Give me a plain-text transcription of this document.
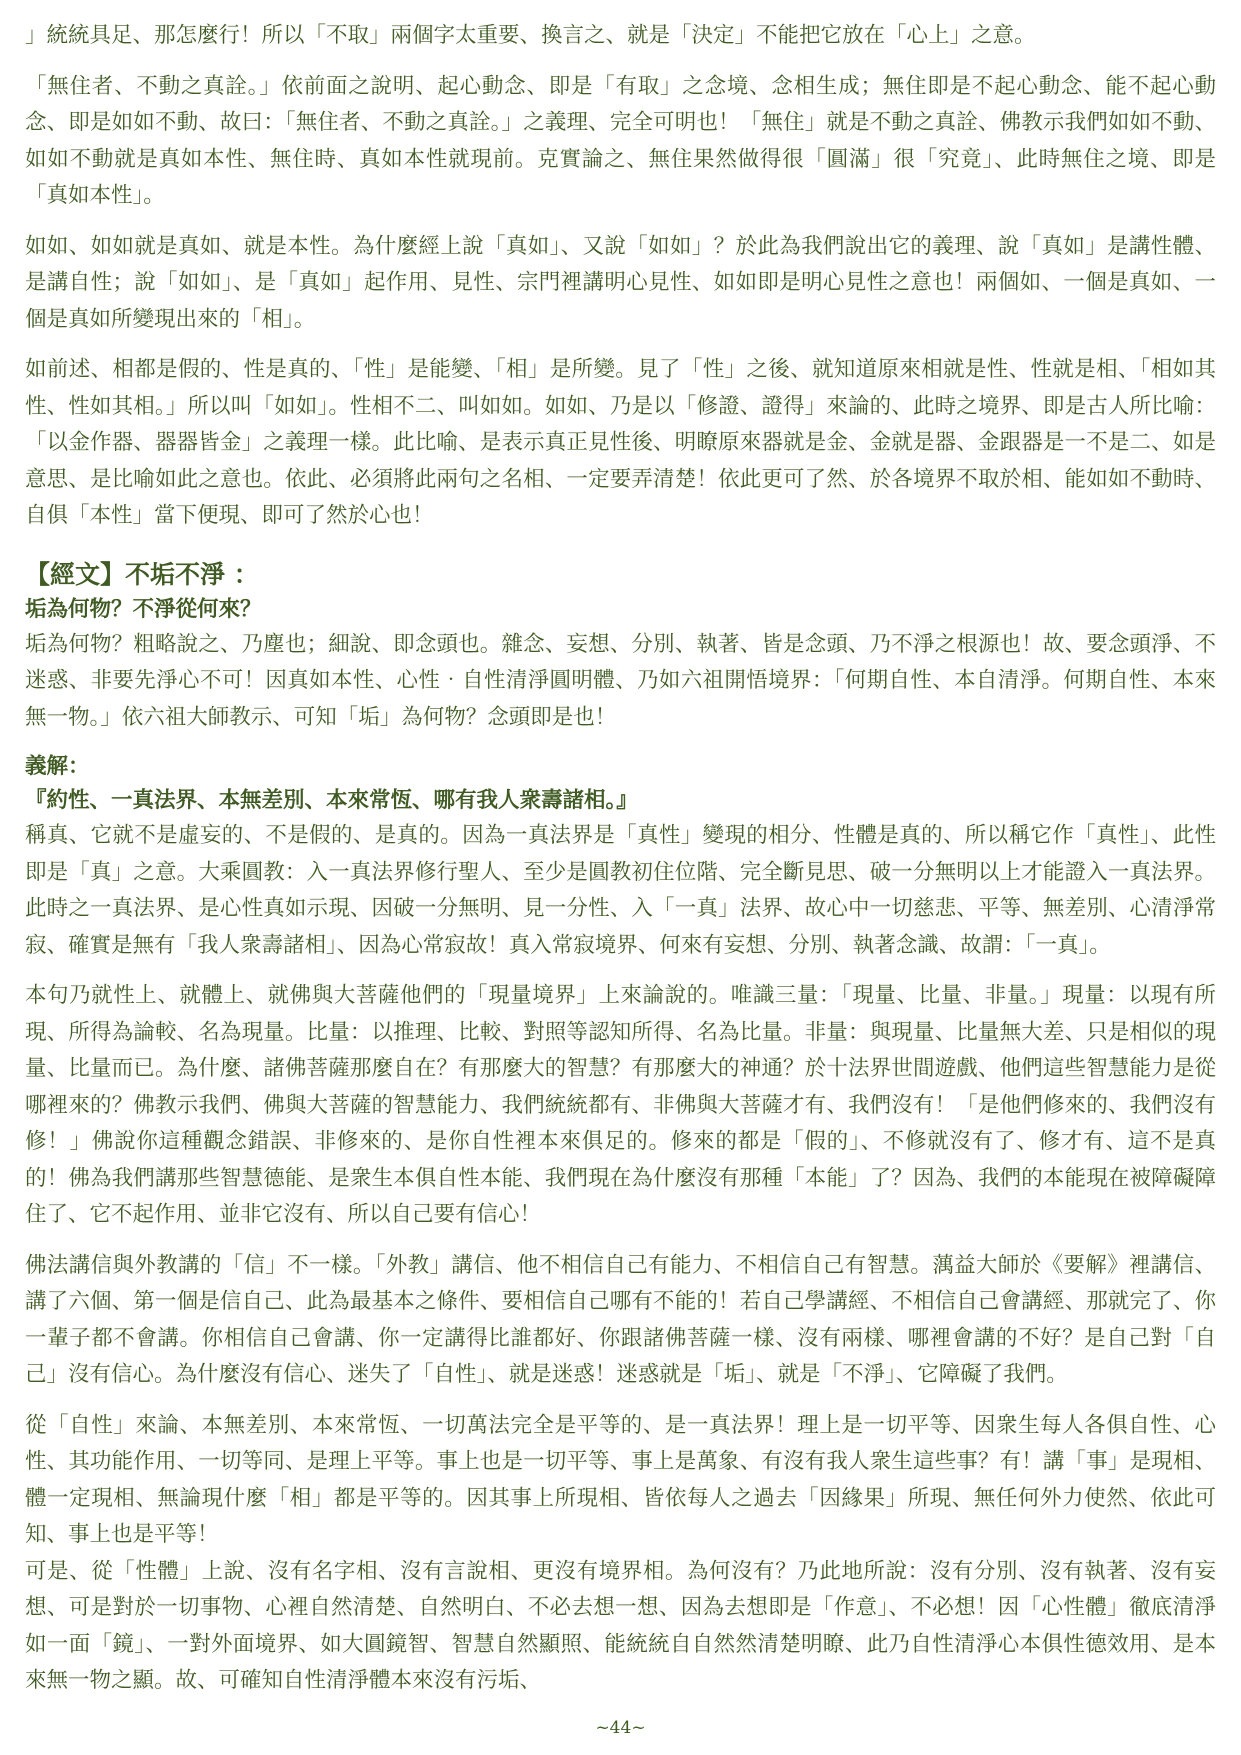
」統統具足、那怎麼行！所以「不取」兩個字太重要、換言之、就是「決定」不能把它放在「心上」之意。

「無住者、不動之真詮。」依前面之說明、起心動念、即是「有取」之念境、念相生成；無住即是不起心動念、能不起心動念、即是如如不動、故曰：「無住者、不動之真詮。」之義理、完全可明也！「無住」就是不動之真詮、佛教示我們如如不動、如如不動就是真如本性、無住時、真如本性就現前。克實論之、無住果然做得很「圓滿」很「究竟」、此時無住之境、即是「真如本性」。

如如、如如就是真如、就是本性。為什麼經上說「真如」、又說「如如」？於此為我們說出它的義理、說「真如」是講性體、是講自性；說「如如」、是「真如」起作用、見性、宗門裡講明心見性、如如即是明心見性之意也！兩個如、一個是真如、一個是真如所變現出來的「相」。

如前述、相都是假的、性是真的、「性」是能變、「相」是所變。見了「性」之後、就知道原來相就是性、性就是相、「相如其性、性如其相。」所以叫「如如」。性相不二、叫如如。如如、乃是以「修證、證得」來論的、此時之境界、即是古人所比喻：「以金作器、器器皆金」之義理一樣。此比喻、是表示真正見性後、明瞭原來器就是金、金就是器、金跟器是一不是二、如是意思、是比喻如此之意也。依此、必須將此兩句之名相、一定要弄清楚！依此更可了然、於各境界不取於相、能如如不動時、自俱「本性」當下便現、即可了然於心也！

【經文】不垢不淨 ：
垢為何物？不淨從何來？

垢為何物？粗略說之、乃塵也；細說、即念頭也。雜念、妄想、分別、執著、皆是念頭、乃不淨之根源也！故、要念頭淨、不迷惑、非要先淨心不可！因真如本性、心性‧自性清淨圓明體、乃如六祖開悟境界：「何期自性、本自清淨。何期自性、本來無一物。」依六祖大師教示、可知「垢」為何物？念頭即是也！

義解：
『約性、一真法界、本無差別、本來常恆、哪有我人衆壽諸相。』

稱真、它就不是虛妄的、不是假的、是真的。因為一真法界是「真性」變現的相分、性體是真的、所以稱它作「真性」、此性即是「真」之意。大乘圓教：入一真法界修行聖人、至少是圓教初住位階、完全斷見思、破一分無明以上才能證入一真法界。此時之一真法界、是心性真如示現、因破一分無明、見一分性、入「一真」法界、故心中一切慈悲、平等、無差別、心清淨常寂、確實是無有「我人衆壽諸相」、因為心常寂故！真入常寂境界、何來有妄想、分別、執著念識、故謂：「一真」。

本句乃就性上、就體上、就佛與大菩薩他們的「現量境界」上來論說的。唯識三量：「現量、比量、非量。」現量：以現有所現、所得為論較、名為現量。比量：以推理、比較、對照等認知所得、名為比量。非量：與現量、比量無大差、只是相似的現量、比量而已。為什麼、諸佛菩薩那麼自在？有那麼大的智慧？有那麼大的神通？於十法界世間遊戲、他們這些智慧能力是從哪裡來的？佛教示我們、佛與大菩薩的智慧能力、我們統統都有、非佛與大菩薩才有、我們沒有！「是他們修來的、我們沒有修！」佛說你這種觀念錯誤、非修來的、是你自性裡本來俱足的。修來的都是「假的」、不修就沒有了、修才有、這不是真的！佛為我們講那些智慧德能、是衆生本俱自性本能、我們現在為什麼沒有那種「本能」了？因為、我們的本能現在被障礙障住了、它不起作用、並非它沒有、所以自己要有信心！

佛法講信與外教講的「信」不一樣。「外教」講信、他不相信自己有能力、不相信自己有智慧。蕅益大師於《要解》裡講信、講了六個、第一個是信自己、此為最基本之條件、要相信自己哪有不能的！若自己學講經、不相信自己會講經、那就完了、你一輩子都不會講。你相信自己會講、你一定講得比誰都好、你跟諸佛菩薩一樣、沒有兩樣、哪裡會講的不好？是自己對「自己」沒有信心。為什麼沒有信心、迷失了「自性」、就是迷惑！迷惑就是「垢」、就是「不淨」、它障礙了我們。

從「自性」來論、本無差別、本來常恆、一切萬法完全是平等的、是一真法界！理上是一切平等、因衆生每人各俱自性、心性、其功能作用、一切等同、是理上平等。事上也是一切平等、事上是萬象、有沒有我人衆生這些事？有！講「事」是現相、體一定現相、無論現什麼「相」都是平等的。因其事上所現相、皆依每人之過去「因緣果」所現、無任何外力使然、依此可知、事上也是平等！

可是、從「性體」上說、沒有名字相、沒有言說相、更沒有境界相。為何沒有？乃此地所說：沒有分別、沒有執著、沒有妄想、可是對於一切事物、心裡自然清楚、自然明白、不必去想一想、因為去想即是「作意」、不必想！因「心性體」徹底清淨如一面「鏡」、一對外面境界、如大圓鏡智、智慧自然顯照、能統統自自然然清楚明瞭、此乃自性清淨心本俱性德效用、是本來無一物之顯。故、可確知自性清淨體本來沒有污垢、

~44~
